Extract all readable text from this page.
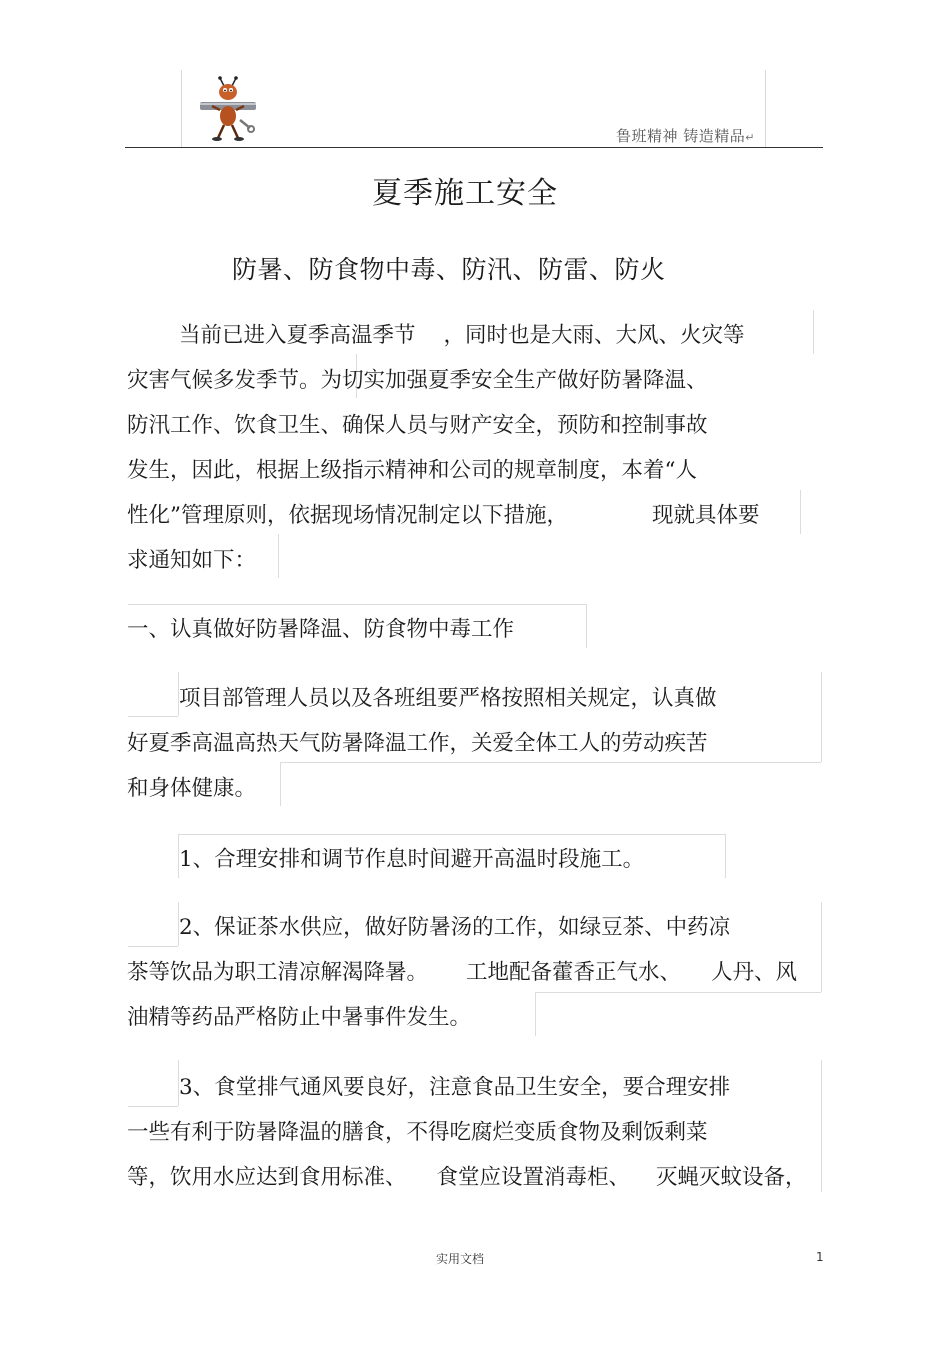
鲁班精神 铸造精品↵
夏季施工安全
防暑、防食物中毒、防汛、防雷、防火
当前已进入夏季高温季节 ，同时也是大雨、大风、火灾等
灾害气候多发季节。为切实加强夏季安全生产做好防暑降温、
防汛工作、饮食卫生、确保人员与财产安全，预防和控制事故
发生，因此，根据上级指示精神和公司的规章制度，本着“人
性化”管理原则，依据现场情况制定以下措施，	现就具体要
求通知如下：
一、认真做好防暑降温、防食物中毒工作
项目部管理人员以及各班组要严格按照相关规定，认真做
好夏季高温高热天气防暑降温工作，关爱全体工人的劳动疾苦
和身体健康。
1、合理安排和调节作息时间避开高温时段施工。
2、保证茶水供应，做好防暑汤的工作，如绿豆茶、中药凉
茶等饮品为职工清凉解渴降暑。 工地配备藿香正气水、 人丹、风
油精等药品严格防止中暑事件发生。
3、食堂排气通风要良好，注意食品卫生安全，要合理安排
一些有利于防暑降温的膳食，不得吃腐烂变质食物及剩饭剩菜
等，饮用水应达到食用标准、 食堂应设置消毒柜、 灭蝇灭蚊设备，
实用文档	1
